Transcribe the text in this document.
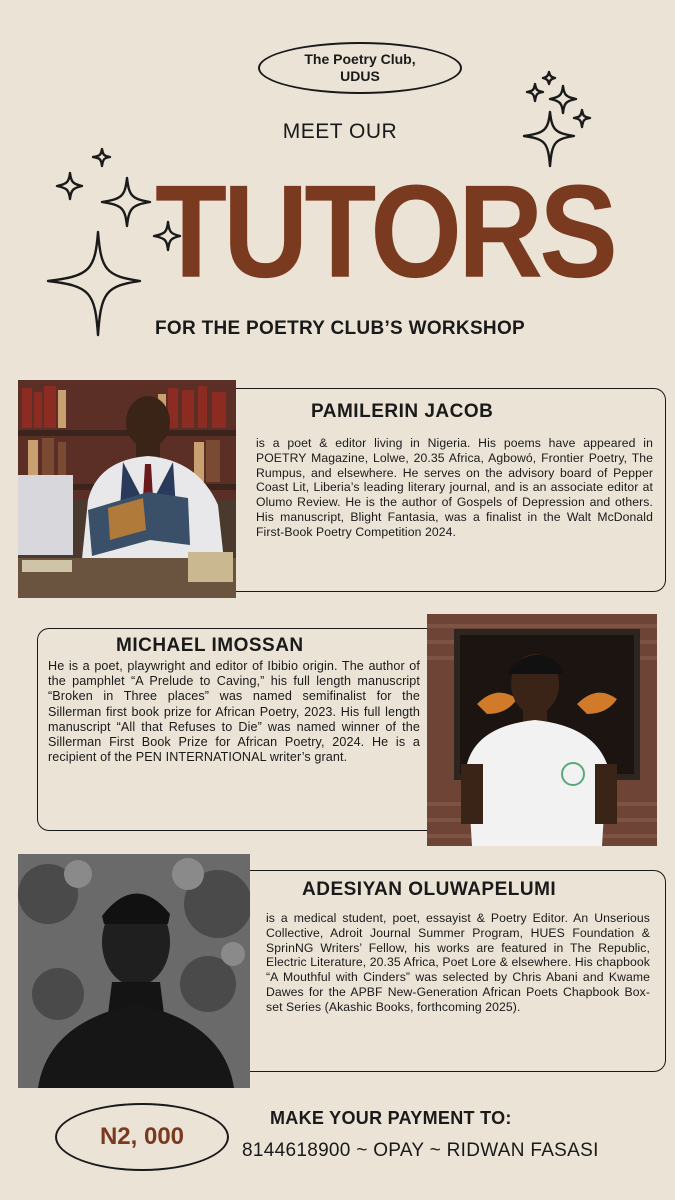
The Poetry Club,
UDUS
MEET OUR
TUTORS
FOR THE POETRY CLUB’S WORKSHOP
PAMILERIN JACOB
is a poet & editor living in Nigeria. His poems have appeared in POETRY Magazine, Lolwe, 20.35 Africa, Agbowó, Frontier Poetry, The Rumpus, and elsewhere. He serves on the advisory board of Pepper Coast Lit, Liberia’s leading literary journal, and is an associate editor at Olumo Review. He is the author of Gospels of Depression and others. His manuscript, Blight Fantasia, was a finalist in the Walt McDonald First-Book Poetry Competition 2024.
MICHAEL IMOSSAN
He is a poet, playwright and editor of Ibibio origin. The author of the pamphlet “A Prelude to Caving,” his full length manuscript “Broken in Three places” was named semifinalist for the Sillerman first book prize for African Poetry, 2023. His full length manuscript “All that Refuses to Die” was named winner of the Sillerman First Book Prize for African Poetry, 2024. He is a recipient of the PEN INTERNATIONAL writer’s grant.
ADESIYAN OLUWAPELUMI
is a medical student, poet, essayist & Poetry Editor. An Unserious Collective, Adroit Journal Summer Program, HUES Foundation & SprinNG Writers’ Fellow, his works are featured in The Republic, Electric Literature, 20.35 Africa, Poet Lore & elsewhere. His chapbook “A Mouthful with Cinders” was selected by Chris Abani and Kwame Dawes for the APBF New-Generation African Poets Chapbook Box-set Series (Akashic Books, forthcoming 2025).
N2, 000
MAKE YOUR PAYMENT TO:
8144618900 ~ OPAY ~ RIDWAN FASASI
